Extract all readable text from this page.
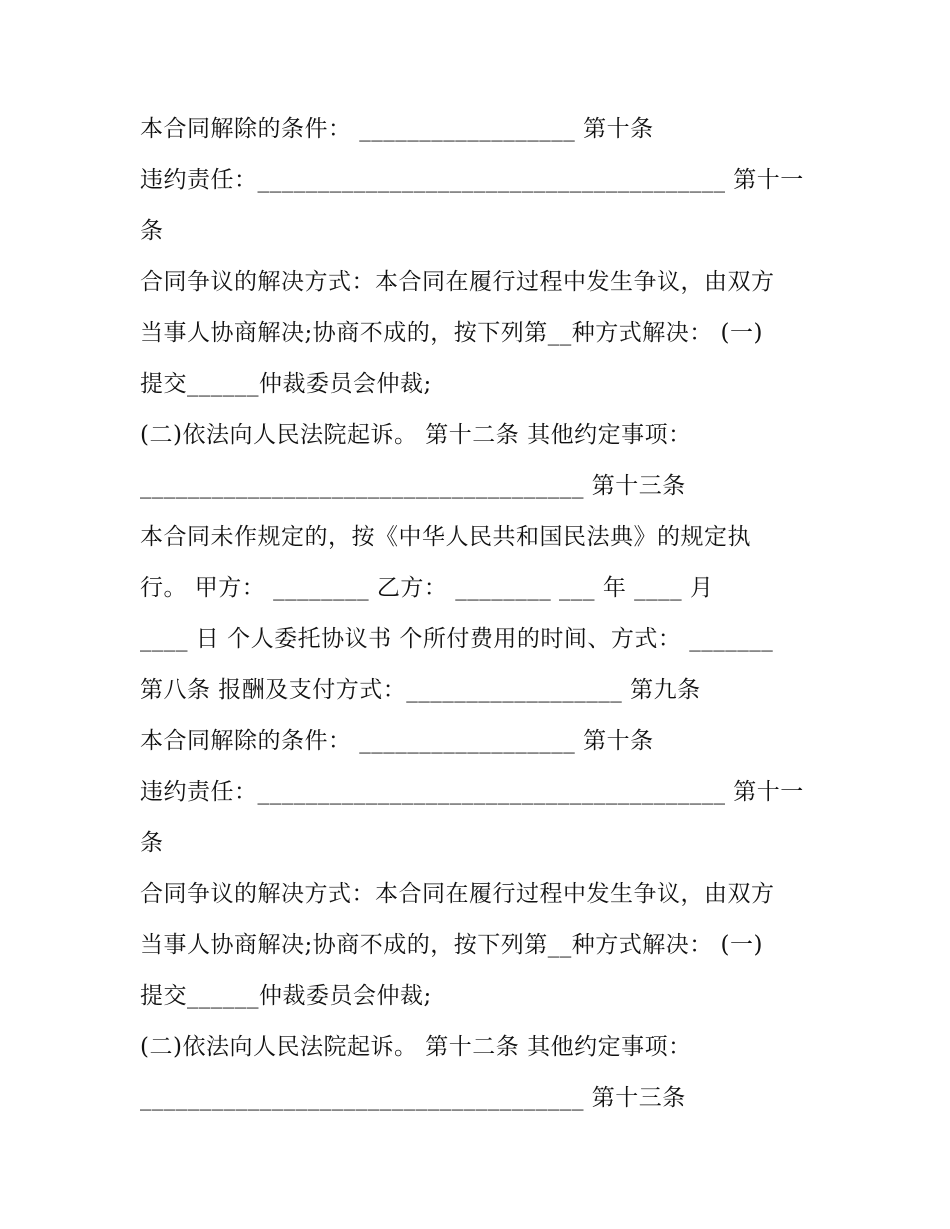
本合同解除的条件： __________________ 第十条
违约责任：_______________________________________ 第十一
条
合同争议的解决方式：本合同在履行过程中发生争议，由双方
当事人协商解决;协商不成的，按下列第__种方式解决： (一)
提交______仲裁委员会仲裁;
(二)依法向人民法院起诉。 第十二条 其他约定事项：
_____________________________________ 第十三条
本合同未作规定的，按《中华人民共和国民法典》的规定执
行。 甲方： ________ 乙方： ________ ___ 年 ____ 月
____ 日 个人委托协议书 个所付费用的时间、方式： _______
第八条 报酬及支付方式：__________________ 第九条
本合同解除的条件： __________________ 第十条
违约责任：_______________________________________ 第十一
条
合同争议的解决方式：本合同在履行过程中发生争议，由双方
当事人协商解决;协商不成的，按下列第__种方式解决： (一)
提交______仲裁委员会仲裁;
(二)依法向人民法院起诉。 第十二条 其他约定事项：
_____________________________________ 第十三条
